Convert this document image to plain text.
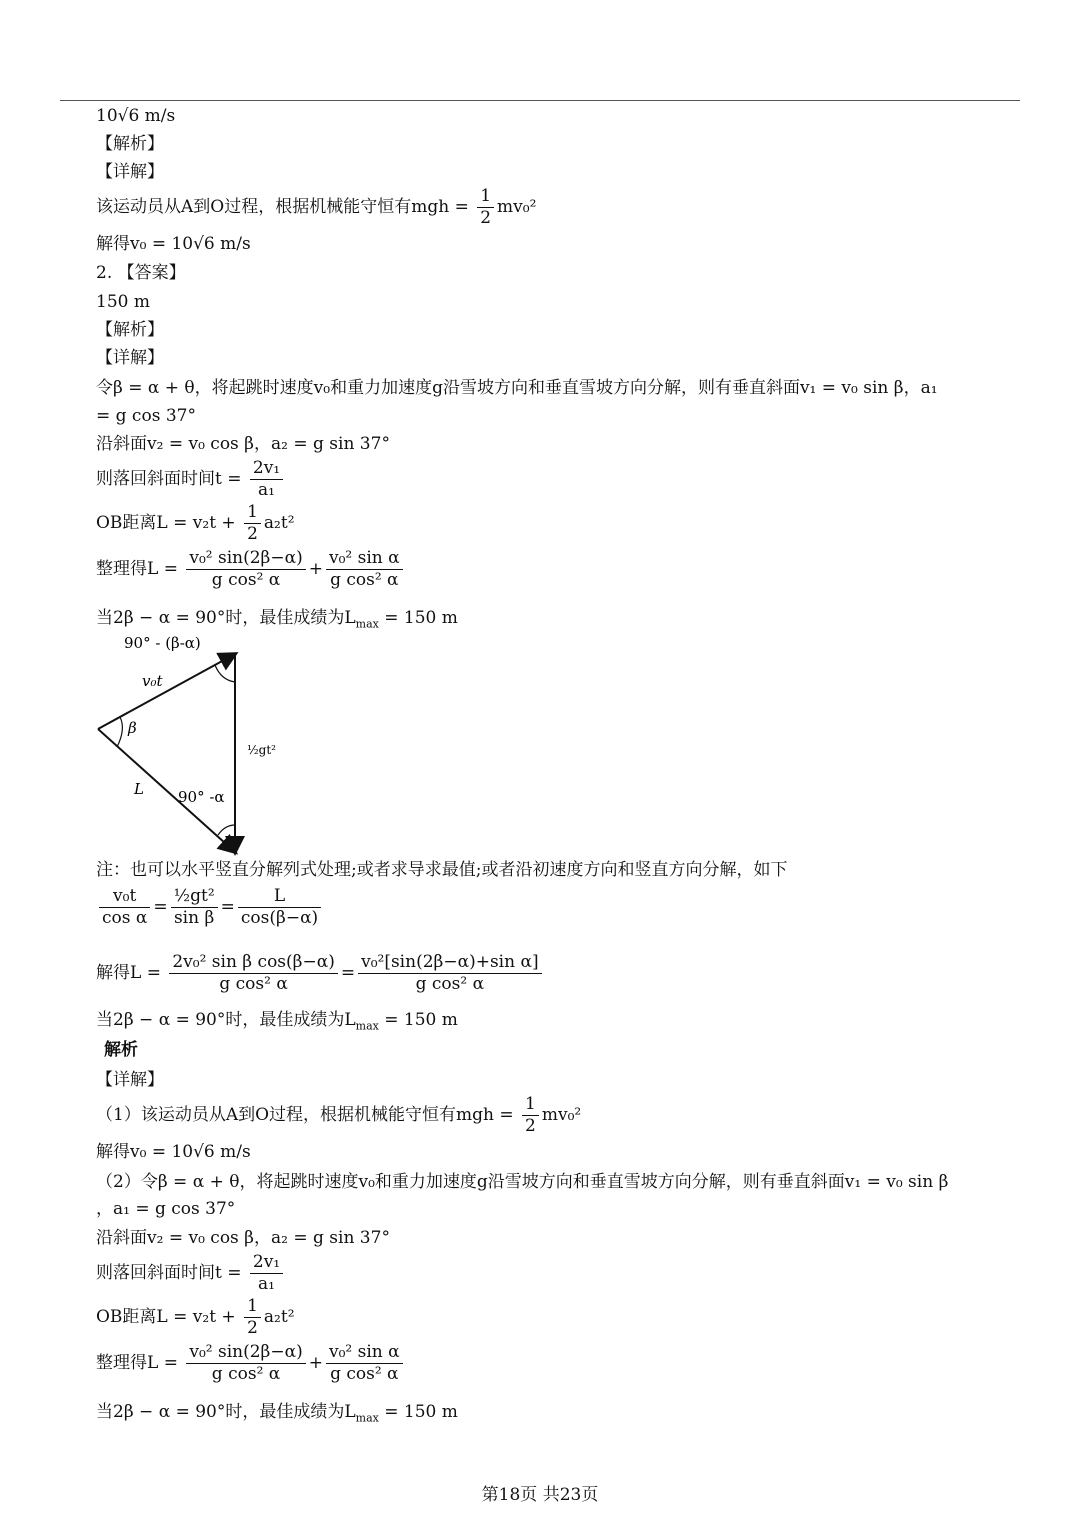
10√6 m/s
【解析】
【详解】
该运动员从A到O过程，根据机械能守恒有mgh = $\frac{1}{2} mv_0^2$
解得v₀ = 10√6 m/s
2. 【答案】
150 m
【解析】
【详解】
令β = α + θ，将起跳时速度v₀和重力加速度g沿雪坡方向和垂直雪坡方向分解，则有垂直斜面v₁ = v₀ sin β，a₁
= g cos 37°
沿斜面v₂ = v₀ cos β，a₂ = g sin 37°
则落回斜面时间$t = \frac{\text{2v₁}}{\text{a₁}}$
OB距离$L = v_2t + \frac{1}{2} a_2t^2$
整理得$L = \frac{\text{v₀² sin(2β−α)}}{\text{g cos² α}} + \frac{\text{v₀² sin α}}{\text{g cos² α}}$
当2β − α = 90°时，最佳成绩为$L_{max} = 150$ m
90° - (β-α)
v₀t
β
L 90° -α
½gt²
注：也可以水平竖直分解列式处理;或者求导求最值;或者沿初速度方向和竖直方向分解，如下
$\frac{\text{v₀t}}{\text{cos α}} = \frac{\text{½gt²}}{\text{sin β}} = \frac{L}{\cos(\beta-\alpha)}$
解得$L = \frac{\text{2v₀² sin β cos(β−α)}}{\text{g cos² α}} = \frac{\text{v₀²[sin(2β−α)+sin α]}}{\text{g cos² α}}$
当2β − α = 90°时，最佳成绩为$L_{max} = 150$ m
解析
【详解】
（1）该运动员从A到O过程，根据机械能守恒有mgh = $\frac{1}{2} mv_0^2$
解得v₀ = 10√6 m/s
（2）令β = α + θ，将起跳时速度v₀和重力加速度g沿雪坡方向和垂直雪坡方向分解，则有垂直斜面v₁ = v₀ sin β
，a₁ = g cos 37°
沿斜面v₂ = v₀ cos β，a₂ = g sin 37°
则落回斜面时间$t = \frac{\text{2v₁}}{\text{a₁}}$
OB距离$L = v_2t + \frac{1}{2} a_2t^2$
整理得$L = \frac{\text{v₀² sin(2β−α)}}{\text{g cos² α}} + \frac{\text{v₀² sin α}}{\text{g cos² α}}$
当2β − α = 90°时，最佳成绩为$L_{max} = 150$ m
第18页 共23页
